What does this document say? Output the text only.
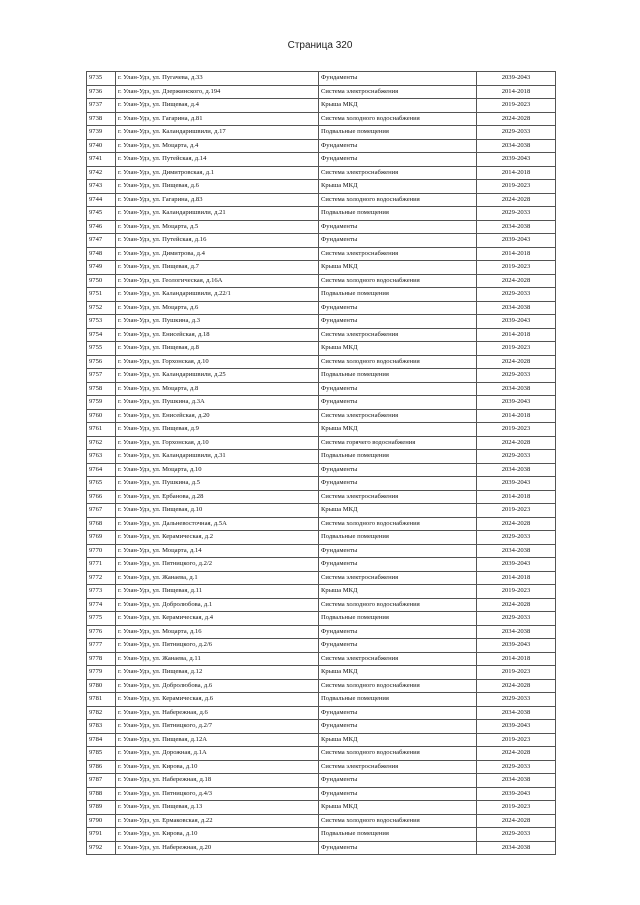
Страница 320
9735	г. Улан-Удэ, ул. Пугачева, д.33	Фундаменты	2039-2043
9736	г. Улан-Удэ, ул. Дзержинского, д.194	Система электроснабжения	2014-2018
9737	г. Улан-Удэ, ул. Пищевая, д.4	Крыша МКД	2019-2023
9738	г. Улан-Удэ, ул. Гагарина, д.81	Система холодного водоснабжения	2024-2028
9739	г. Улан-Удэ, ул. Каландаришвили, д.17	Подвальные помещения	2029-2033
9740	г. Улан-Удэ, ул. Моцарта, д.4	Фундаменты	2034-2038
9741	г. Улан-Удэ, ул. Путейская, д.14	Фундаменты	2039-2043
9742	г. Улан-Удэ, ул. Димитровская, д.1	Система электроснабжения	2014-2018
9743	г. Улан-Удэ, ул. Пищевая, д.6	Крыша МКД	2019-2023
9744	г. Улан-Удэ, ул. Гагарина, д.83	Система холодного водоснабжения	2024-2028
9745	г. Улан-Удэ, ул. Каландаришвили, д.21	Подвальные помещения	2029-2033
9746	г. Улан-Удэ, ул. Моцарта, д.5	Фундаменты	2034-2038
9747	г. Улан-Удэ, ул. Путейская, д.16	Фундаменты	2039-2043
9748	г. Улан-Удэ, ул. Димитрова, д.4	Система электроснабжения	2014-2018
9749	г. Улан-Удэ, ул. Пищевая, д.7	Крыша МКД	2019-2023
9750	г. Улан-Удэ, ул. Геологическая, д.16А	Система холодного водоснабжения	2024-2028
9751	г. Улан-Удэ, ул. Каландаришвили, д.22/1	Подвальные помещения	2029-2033
9752	г. Улан-Удэ, ул. Моцарта, д.6	Фундаменты	2034-2038
9753	г. Улан-Удэ, ул. Пушкина, д.3	Фундаменты	2039-2043
9754	г. Улан-Удэ, ул. Енисейская, д.18	Система электроснабжения	2014-2018
9755	г. Улан-Удэ, ул. Пищевая, д.8	Крыша МКД	2019-2023
9756	г. Улан-Удэ, ул. Горхонская, д.10	Система холодного водоснабжения	2024-2028
9757	г. Улан-Удэ, ул. Каландаришвили, д.25	Подвальные помещения	2029-2033
9758	г. Улан-Удэ, ул. Моцарта, д.8	Фундаменты	2034-2038
9759	г. Улан-Удэ, ул. Пушкина, д.3А	Фундаменты	2039-2043
9760	г. Улан-Удэ, ул. Енисейская, д.20	Система электроснабжения	2014-2018
9761	г. Улан-Удэ, ул. Пищевая, д.9	Крыша МКД	2019-2023
9762	г. Улан-Удэ, ул. Горхонская, д.10	Система горячего водоснабжения	2024-2028
9763	г. Улан-Удэ, ул. Каландаришвили, д.31	Подвальные помещения	2029-2033
9764	г. Улан-Удэ, ул. Моцарта, д.10	Фундаменты	2034-2038
9765	г. Улан-Удэ, ул. Пушкина, д.5	Фундаменты	2039-2043
9766	г. Улан-Удэ, ул. Ербанова, д.28	Система электроснабжения	2014-2018
9767	г. Улан-Удэ, ул. Пищевая, д.10	Крыша МКД	2019-2023
9768	г. Улан-Удэ, ул. Дальневосточная, д.5А	Система холодного водоснабжения	2024-2028
9769	г. Улан-Удэ, ул. Керамическая, д.2	Подвальные помещения	2029-2033
9770	г. Улан-Удэ, ул. Моцарта, д.14	Фундаменты	2034-2038
9771	г. Улан-Удэ, ул. Пятницкого, д.2/2	Фундаменты	2039-2043
9772	г. Улан-Удэ, ул. Жанаева, д.1	Система электроснабжения	2014-2018
9773	г. Улан-Удэ, ул. Пищевая, д.11	Крыша МКД	2019-2023
9774	г. Улан-Удэ, ул. Добролюбова, д.1	Система холодного водоснабжения	2024-2028
9775	г. Улан-Удэ, ул. Керамическая, д.4	Подвальные помещения	2029-2033
9776	г. Улан-Удэ, ул. Моцарта, д.16	Фундаменты	2034-2038
9777	г. Улан-Удэ, ул. Пятницкого, д.2/6	Фундаменты	2039-2043
9778	г. Улан-Удэ, ул. Жанаева, д.11	Система электроснабжения	2014-2018
9779	г. Улан-Удэ, ул. Пищевая, д.12	Крыша МКД	2019-2023
9780	г. Улан-Удэ, ул. Добролюбова, д.6	Система холодного водоснабжения	2024-2028
9781	г. Улан-Удэ, ул. Керамическая, д.6	Подвальные помещения	2029-2033
9782	г. Улан-Удэ, ул. Набережная, д.6	Фундаменты	2034-2038
9783	г. Улан-Удэ, ул. Пятницкого, д.2/7	Фундаменты	2039-2043
9784	г. Улан-Удэ, ул. Пищевая, д.12А	Крыша МКД	2019-2023
9785	г. Улан-Удэ, ул. Дорожная, д.1А	Система холодного водоснабжения	2024-2028
9786	г. Улан-Удэ, ул. Кирова, д.10	Система электроснабжения	2029-2033
9787	г. Улан-Удэ, ул. Набережная, д.18	Фундаменты	2034-2038
9788	г. Улан-Удэ, ул. Пятницкого, д.4/3	Фундаменты	2039-2043
9789	г. Улан-Удэ, ул. Пищевая, д.13	Крыша МКД	2019-2023
9790	г. Улан-Удэ, ул. Ермаковская, д.22	Система холодного водоснабжения	2024-2028
9791	г. Улан-Удэ, ул. Кирова, д.10	Подвальные помещения	2029-2033
9792	г. Улан-Удэ, ул. Набережная, д.20	Фундаменты	2034-2038
